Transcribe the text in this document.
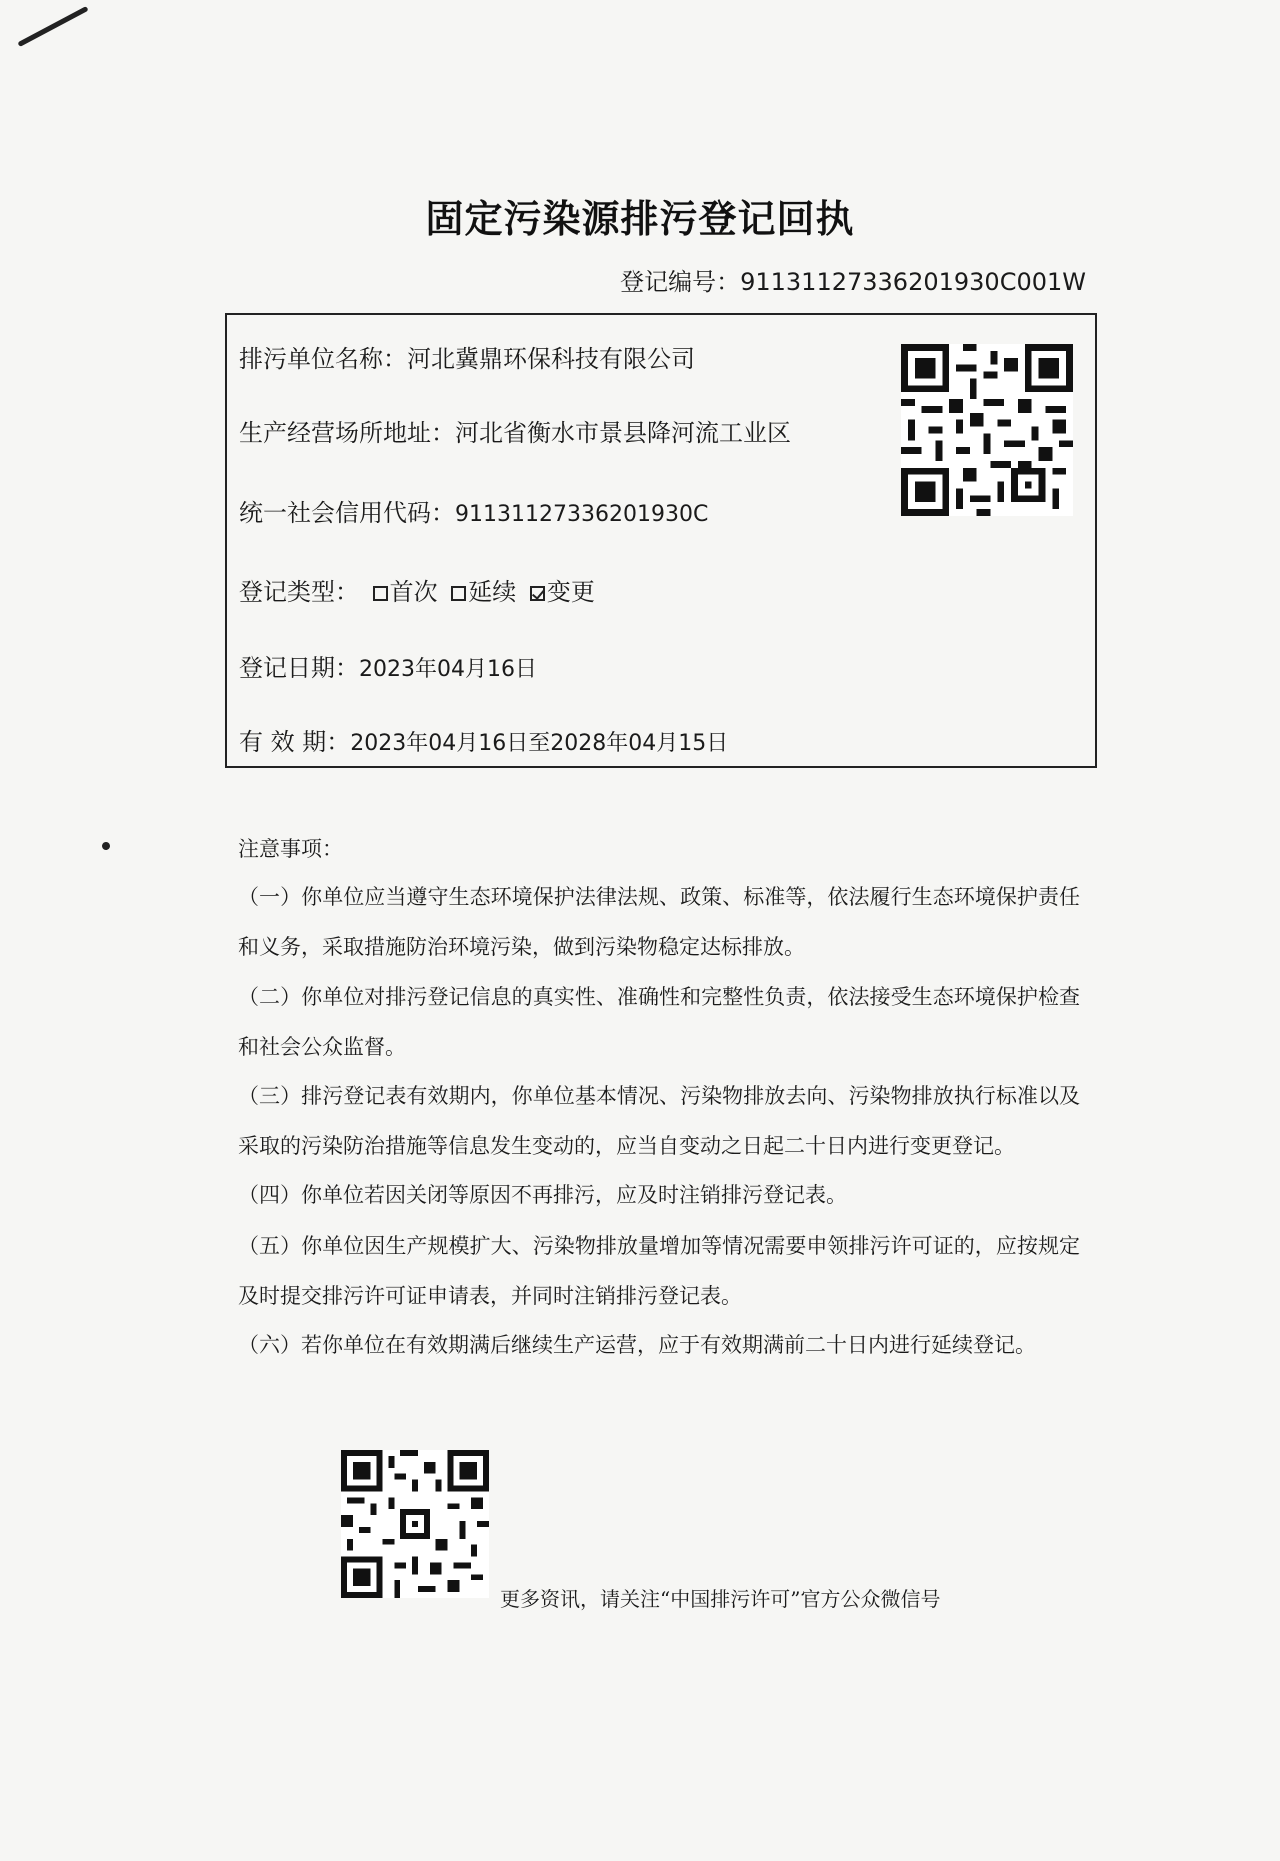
固定污染源排污登记回执
登记编号：91131127336201930C001W
排污单位名称：河北冀鼎环保科技有限公司
生产经营场所地址：河北省衡水市景县降河流工业区
统一社会信用代码：91131127336201930C
登记类型： 首次 延续 变更
登记日期：2023年04月16日
有 效 期：2023年04月16日至2028年04月15日
注意事项：
（一）你单位应当遵守生态环境保护法律法规、政策、标准等，依法履行生态环境保护责任和义务，采取措施防治环境污染，做到污染物稳定达标排放。
（二）你单位对排污登记信息的真实性、准确性和完整性负责，依法接受生态环境保护检查和社会公众监督。
（三）排污登记表有效期内，你单位基本情况、污染物排放去向、污染物排放执行标准以及采取的污染防治措施等信息发生变动的，应当自变动之日起二十日内进行变更登记。
（四）你单位若因关闭等原因不再排污，应及时注销排污登记表。
（五）你单位因生产规模扩大、污染物排放量增加等情况需要申领排污许可证的，应按规定及时提交排污许可证申请表，并同时注销排污登记表。
（六）若你单位在有效期满后继续生产运营，应于有效期满前二十日内进行延续登记。
更多资讯，请关注“中国排污许可”官方公众微信号
